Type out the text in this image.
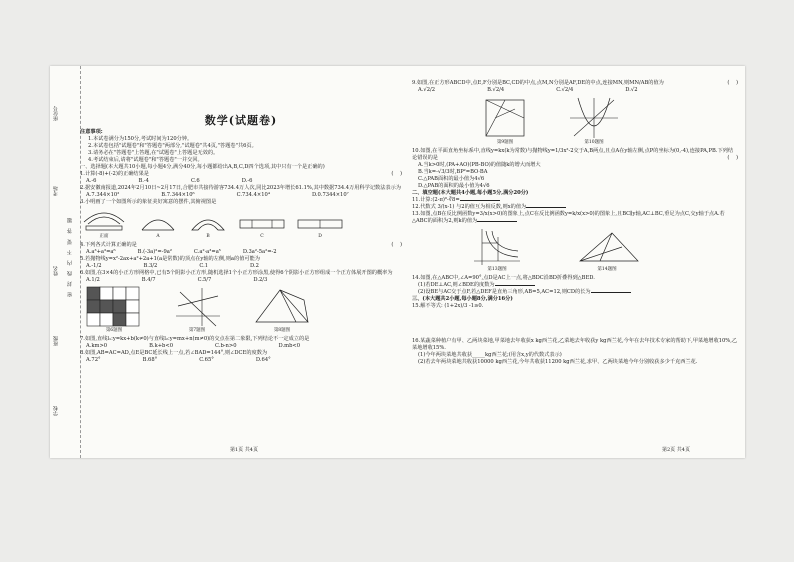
座位号
考场
姓名
班级
学校
密 封 线 内 不 要 答 题
数学(试题卷)
注意事项:
1.本试卷满分为150分,考试时间为120分钟。
2.本试卷包括"试题卷"和"答题卷"两部分,"试题卷"共4页,"答题卷"共6页。
3.请务必在"答题卷"上答题,在"试题卷"上答题是无效的。
4.考试结束后,请将"试题卷"和"答题卷"一并交回。
一、选择题(本大题共10小题,每小题4分,满分40分,每小题都给出A,B,C,D四个选项,其中只有一个是正确的)
1.计算(-8)+(-2)的正确结果是	(    )
A.-6	B.-4	C.6	D.-6
2.据安徽南报道,2024年2月10日~2月17日,合肥市共接待游客734.4万人次,同比2023年增长61.1%,其中数据734.4万用科学记数法表示为
A.7.344×10²	B.7.344×10⁶	C.734.4×10⁴	D.0.7344×10⁷
3.小明画了一个如图所示的象征美好寓意的摆件,其俯视图是
正面	A	B	C	D
4.下列各式计算正确的是	(    )
A.a³+a³=a⁶	B.(-3a)²=-9a²	C.a²·a³=a⁵	D.3a²-5a²=-2
5.若抛物线y=x²-2ax+a²+2a+1(a是常数)的顶点在y轴的左侧,则a的值可能为
A.-1/2	B.3/2	C.1	D.2
6.如图,在3×4的小正方形网格中,已有5个阴影小正方形,随机选择1个小正方形涂黑,使得6个阴影小正方形组成一个正方体展开图的概率为
A.1/2	B.4/7	C.5/7	D.2/3
第6题图	第7题图	第8题图
7.如图,直线l₁:y=kx+b(k≠0)与直线l₂:y=mx+n(m≠0)的交点在第二象限,下列结论不一定成立的是
A.km>0	B.k+b<0	C.b-n>0	D.mb<0
8.如图,AB=AC=AD,点E是BC延长线上一点,若∠BAD=144°,则∠DCE的度数为
A.72°	B.68°	C.65°	D.64°
第1页 共4页
9.如图,在正方形ABCD中,点E,F分别是BC,CD的中点,点M,N分别是AF,DE的中点,连接MN,则MN/AB的值为	(    )
A.√2/2	B.√2/4	C.√2/4	D.√2
第9题图	第10题图
10.如图,在平面直角坐标系中,直线y=kx(k为常数)与抛物线y=1/3x²-2交于A,B两点,且点A在y轴左侧,点P的坐标为(0,-4),连接PA,PB.下列结论错误的是	(    )
A.当k>0时,(PA+AO)(PB-BO)的值随k的增大而增大
B.当k=-√3/3时,BP²=BO·BA
C.△PAB面积的最小值为4√6
D.△PAB的面积的最小值为4√6
二、填空题(本大题共4小题,每小题5分,满分20分)
11.计算:(2-π)⁰-∛8=
12.代数式 3/(x-1) 与2的值互为相反数,则x的值为
13.如图,点B在反比例函数y=3/x(x>0)的图象上,点C在反比例函数y=k/x(x>0)的图象上,且BC∥y轴,AC⊥BC,垂足为点C,交y轴于点A.若△ABC的面积为2,则k的值为
第13题图	第14题图
14.如图,在△ABC中,∠A=90°,点D是AC上一点,将△BDC沿BD折叠得到△BED.
(1)若DE⊥AC,则∠BDE的度数为
(2)设BE与AC交于点F,若△DEF是直角三角形,AB=5,AC=12,则CD的长为
三、(本大题共2小题,每小题8分,满分16分)
15.解不等式: (1+2x)/3 -1≥0.
16.某蔬菜种植户有甲、乙两块菜地,甲菜地去年收获x kg西兰花,乙菜地去年收获y kg西兰花,今年在去年技术专家的帮助下,甲菜地增收10%,乙菜地增收15%.
(1)今年两块菜地共收获_____kg西兰花;(用含x,y的代数式表示)
(2)若去年两块菜地共收获10000 kg西兰花,今年共收获11200 kg西兰花,求甲、乙两块菜地今年分别收获多少千克西兰花.
第2页 共4页
